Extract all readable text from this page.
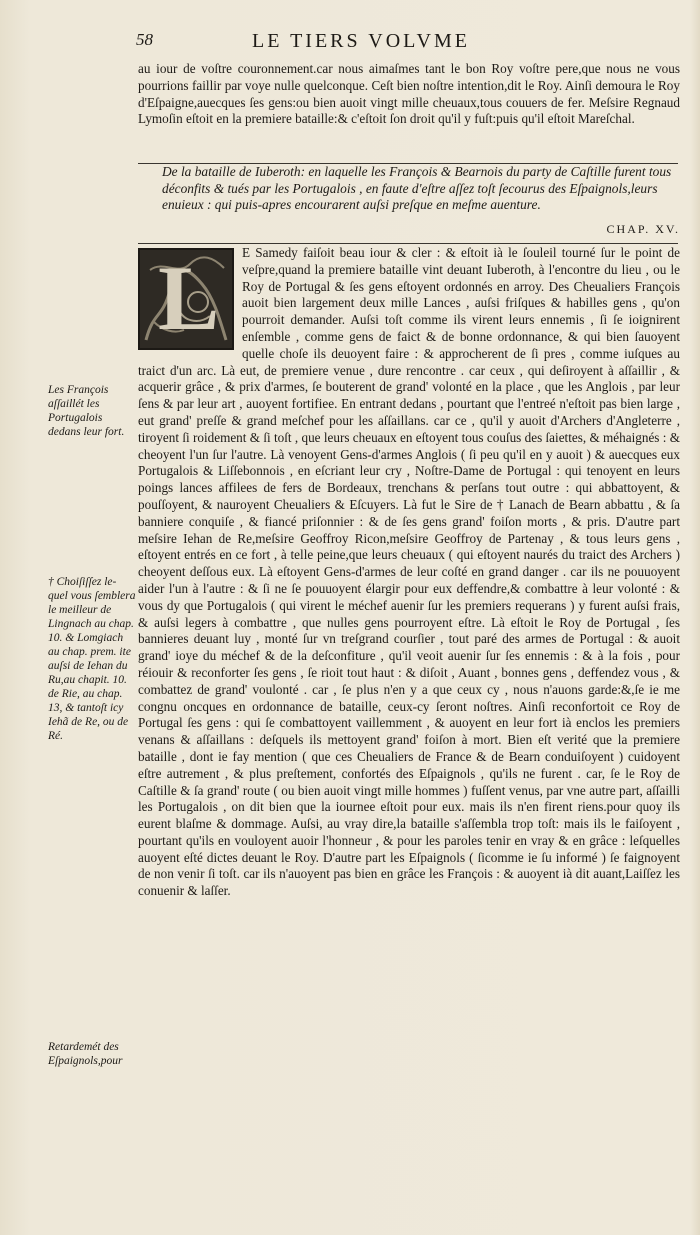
58	LE TIERS VOLVME

au iour de voſtre couronnement.car nous aimaſmes tant le bon Roy voſtre pere,que nous ne vous pourrions faillir par voye nulle quelconque. Ceſt bien noſtre intention,dit le Roy. Ainſi demoura le Roy d'Eſpaigne,auecques ſes gens:ou bien auoit vingt mille cheuaux,tous couuers de fer. Meſsire Regnaud Lymoſin eſtoit en la premiere bataille:& c'eſtoit ſon droit qu'il y fuſt:puis qu'il eſtoit Mareſchal.

De la bataille de Iuberoth: en laquelle les François & Bearnois du party de Caſtille furent tous déconfits & tués par les Portugalois , en faute d'eſtre aſſez toſt ſecourus des Eſpaignols,leurs enuieux : qui puis-apres encourarent auſsi preſque en meſme auenture.
CHAP. XV.
L	E Samedy faiſoit beau iour & cler : & eſtoit ià le ſouleil tourné ſur le point de veſpre,quand la premiere bataille vint deuant Iuberoth, à l'encontre du lieu , ou le Roy de Portugal & ſes gens eſtoyent ordonnés en arroy. Des Cheualiers François auoit bien largement deux mille Lances , auſsi friſques & habilles gens , qu'on pourroit demander. Auſsi toſt comme ils virent leurs ennemis , ſi ſe ioignirent enſemble , comme gens de faict & de bonne ordonnance, & qui bien ſauoyent quelle choſe ils deuoyent faire : & approcherent de ſi pres , comme iuſques au traict d'un arc. Là eut, de premiere venue , dure rencontre . car ceux , qui deſiroyent à aſſaillir , & acquerir grâce , & prix d'armes, ſe bouterent de grand' volonté en la place , que les Anglois , par leur ſens & par leur art , auoyent fortifiee. En entrant dedans , pourtant que l'entreé n'eſtoit pas bien large , eut grand' preſſe & grand meſchef pour les aſſaillans. car ce , qu'il y auoit d'Archers d'Angleterre , tiroyent ſi roidement & ſi toſt , que leurs cheuaux en eſtoyent tous couſus des ſaiettes, & méhaignés : & cheoyent l'un ſur l'autre. Là venoyent Gens-d'armes Anglois ( ſi peu qu'il en y auoit ) & auecques eux Portugalois & Liſſebonnois , en eſcriant leur cry , Noſtre-Dame de Portugal : qui tenoyent en leurs poings lances affilees de fers de Bordeaux, trenchans & perſans tout outre : qui abbattoyent, & pouſſoyent, & nauroyent Cheualiers & Eſcuyers. Là fut le Sire de † Lanach de Bearn abbattu , & ſa banniere conquiſe , & fiancé priſonnier : & de ſes gens grand' foiſon morts , & pris. D'autre part meſsire Iehan de Re,meſsire Geoffroy Ricon,meſsire Geoffroy de Partenay , & tous leurs gens , eſtoyent entrés en ce fort , à telle peine,que leurs cheuaux ( qui eſtoyent naurés du traict des Archers ) cheoyent deſſous eux. Là eſtoyent Gens-d'armes de leur coſté en grand danger . car ils ne pouuoyent aider l'un à l'autre : & ſi ne ſe pouuoyent élargir pour eux deffendre,& combattre à leur volonté : & vous dy que Portugalois ( qui virent le méchef auenir ſur les premiers requerans ) y furent auſsi frais, & auſsi legers à combattre , que nulles gens pourroyent eſtre. Là eſtoit le Roy de Portugal , ſes bannieres deuant luy , monté ſur vn treſgrand courſier , tout paré des armes de Portugal : & auoit grand' ioye du méchef & de la deſconfiture , qu'il veoit auenir ſur ſes ennemis : & à la fois , pour réiouir & reconforter ſes gens , ſe rioit tout haut : & diſoit , Auant , bonnes gens , deffendez vous , & combattez de grand' voulonté . car , ſe plus n'en y a que ceux cy , nous n'auons garde:&,ſe ie me congnu oncques en ordonnance de bataille, ceux-cy ſeront noſtres. Ainſi reconfortoit ce Roy de Portugal ſes gens : qui ſe combattoyent vaillemment , & auoyent en leur fort ià enclos les premiers venans & aſſaillans : deſquels ils mettoyent grand' foiſon à mort. Bien eſt verité que la premiere bataille , dont ie fay mention ( que ces Cheualiers de France & de Bearn conduiſoyent ) cuidoyent eſtre autrement , & plus preſtement, confortés des Eſpaignols , qu'ils ne furent . car, ſe le Roy de Caſtille & ſa grand' route ( ou bien auoit vingt mille hommes ) fuſſent venus, par vne autre part, aſſailli les Portugalois , on dit bien que la iournee eſtoit pour eux. mais ils n'en firent riens.pour quoy ils eurent blaſme & dommage. Auſsi, au vray dire,la bataille s'aſſembla trop toſt: mais ils le faiſoyent , pourtant qu'ils en vouloyent auoir l'honneur , & pour les paroles tenir en vray & en grâce : leſquelles auoyent eſté dictes deuant le Roy. D'autre part les Eſpaignols ( ſicomme ie ſu informé ) ſe faignoyent de non venir ſi toſt. car ils n'auoyent pas bien en grâce les François : & auoyent ià dit auant,Laiſſez les conuenir & laſſer.

Les François aſſaillét les Portugalois dedans leur fort.
† Choiſiſſez le-quel vous ſemblera le meilleur de Lingnach au chap. 10. & Lomgiach au chap. prem. ite auſsi de Iehan du Ru,au chapit. 10. de Rie, au chap. 13, & tantoſt icy Iehã de Re, ou de Ré.
Retardemét des Eſpaignols,pour
